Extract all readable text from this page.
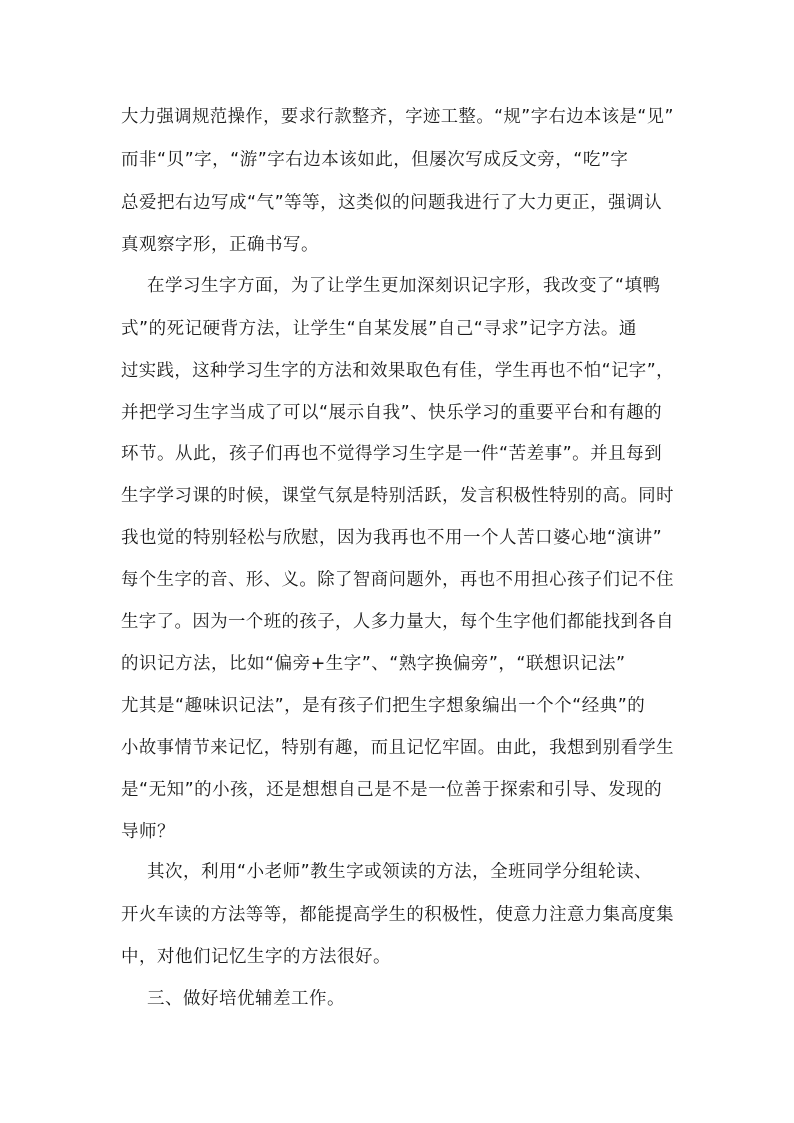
大力强调规范操作，要求行款整齐，字迹工整。“规”字右边本该是“见”
而非“贝”字，“游”字右边本该如此，但屡次写成反文旁，“吃”字
总爱把右边写成“气”等等，这类似的问题我进行了大力更正，强调认
真观察字形，正确书写。
在学习生字方面，为了让学生更加深刻识记字形，我改变了“填鸭
式”的死记硬背方法，让学生“自某发展”自己“寻求”记字方法。通
过实践，这种学习生字的方法和效果取色有佳，学生再也不怕“记字”，
并把学习生字当成了可以“展示自我”、快乐学习的重要平台和有趣的
环节。从此，孩子们再也不觉得学习生字是一件“苦差事”。并且每到
生字学习课的时候，课堂气氛是特别活跃，发言积极性特别的高。同时
我也觉的特别轻松与欣慰，因为我再也不用一个人苦口婆心地“演讲”
每个生字的音、形、义。除了智商问题外，再也不用担心孩子们记不住
生字了。因为一个班的孩子，人多力量大，每个生字他们都能找到各自
的识记方法，比如“偏旁+生字”、“熟字换偏旁”，“联想识记法”
尤其是“趣味识记法”，是有孩子们把生字想象编出一个个“经典”的
小故事情节来记忆，特别有趣，而且记忆牢固。由此，我想到别看学生
是“无知”的小孩，还是想想自己是不是一位善于探索和引导、发现的
导师？
其次，利用“小老师”教生字或领读的方法，全班同学分组轮读、
开火车读的方法等等，都能提高学生的积极性，使意力注意力集高度集
中，对他们记忆生字的方法很好。
三、做好培优辅差工作。
